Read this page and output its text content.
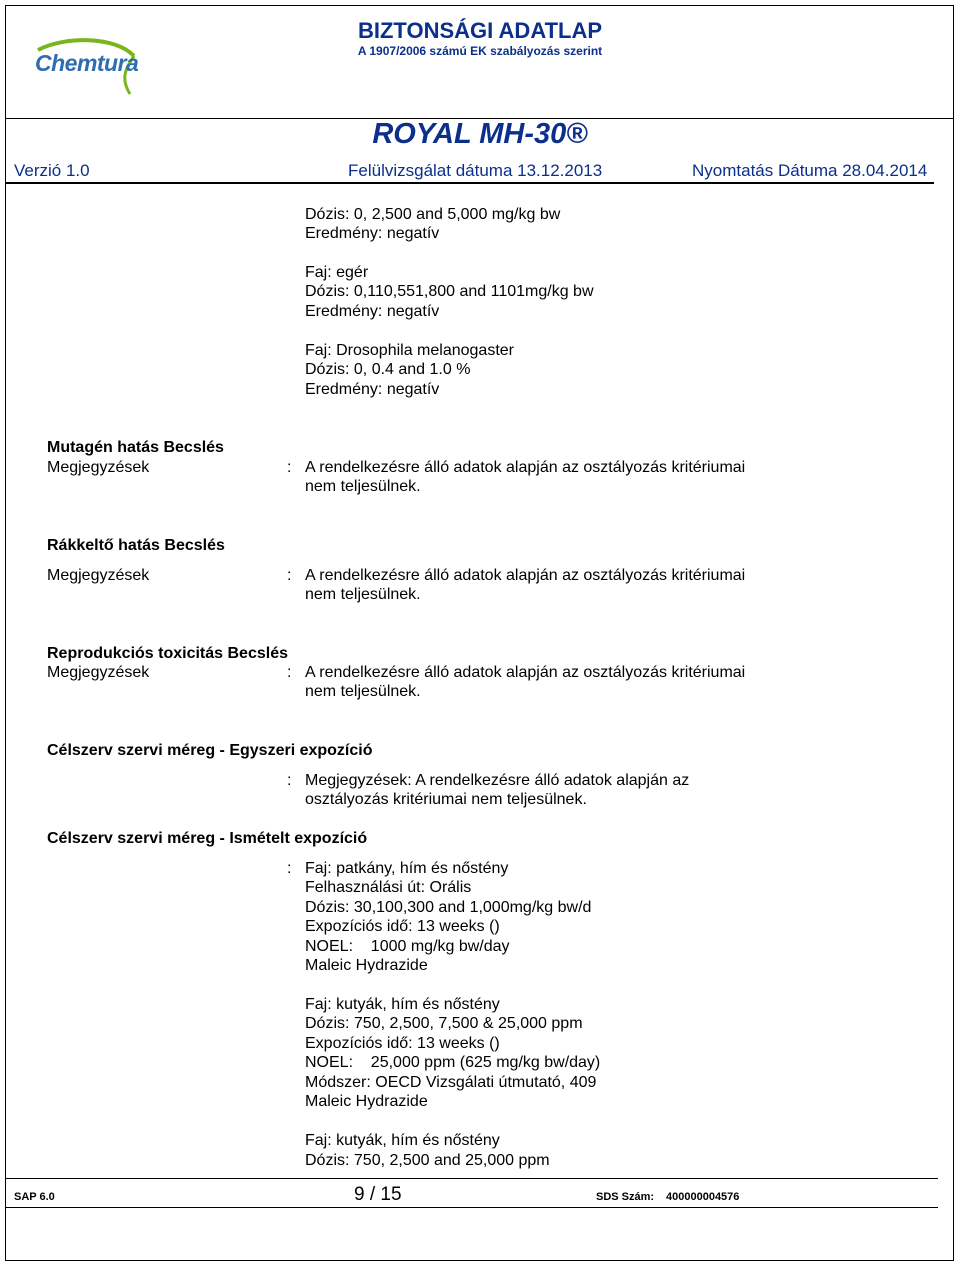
Chemtura
BIZTONSÁGI ADATLAP
A 1907/2006 számú EK szabályozás szerint
ROYAL MH-30®
Verzió 1.0	Felülvizsgálat dátuma 13.12.2013	Nyomtatás Dátuma 28.04.2014
Dózis: 0, 2,500 and 5,000 mg/kg bw
Eredmény: negatív
Faj: egér
Dózis: 0,110,551,800 and 1101mg/kg bw
Eredmény: negatív
Faj: Drosophila melanogaster
Dózis: 0, 0.4 and 1.0 %
Eredmény: negatív
Mutagén hatás Becslés
Megjegyzések	: A rendelkezésre álló adatok alapján az osztályozás kritériumai
nem teljesülnek.
Rákkeltő hatás Becslés
Megjegyzések	: A rendelkezésre álló adatok alapján az osztályozás kritériumai
nem teljesülnek.
Reprodukciós toxicitás Becslés
Megjegyzések	: A rendelkezésre álló adatok alapján az osztályozás kritériumai
nem teljesülnek.
Célszerv szervi méreg - Egyszeri expozíció
: Megjegyzések: A rendelkezésre álló adatok alapján az
osztályozás kritériumai nem teljesülnek.
Célszerv szervi méreg - Ismételt expozíció
: Faj: patkány, hím és nőstény
Felhasználási út: Orális
Dózis: 30,100,300 and 1,000mg/kg bw/d
Expozíciós idő: 13 weeks ()
NOEL:    1000 mg/kg bw/day
Maleic Hydrazide
Faj: kutyák, hím és nőstény
Dózis: 750, 2,500, 7,500 & 25,000 ppm
Expozíciós idő: 13 weeks ()
NOEL:    25,000 ppm (625 mg/kg bw/day)
Módszer: OECD Vizsgálati útmutató, 409
Maleic Hydrazide
Faj: kutyák, hím és nőstény
Dózis: 750, 2,500 and 25,000 ppm
SAP 6.0	9 / 15	SDS Szám: 400000004576
